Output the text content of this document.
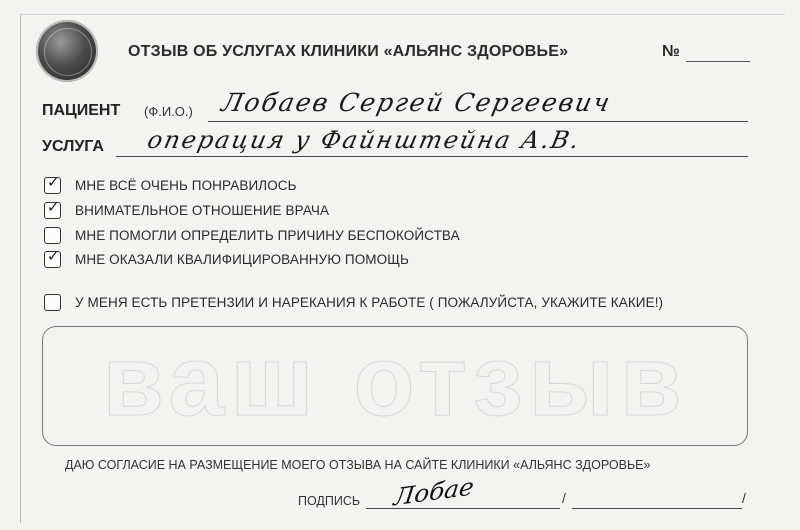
ОТЗЫВ ОБ УСЛУГАХ КЛИНИКИ «АЛЬЯНС ЗДОРОВЬЕ»	№
ПАЦИЕНТ (Ф.И.О.) Лобаев Сергей Сергеевич
УСЛУГА операция у Файнштейна А.В.
✓ МНЕ ВСЁ ОЧЕНЬ ПОНРАВИЛОСЬ
✓ ВНИМАТЕЛЬНОЕ ОТНОШЕНИЕ ВРАЧА
МНЕ ПОМОГЛИ ОПРЕДЕЛИТЬ ПРИЧИНУ БЕСПОКОЙСТВА
✓ МНЕ ОКАЗАЛИ КВАЛИФИЦИРОВАННУЮ ПОМОЩЬ
У МЕНЯ ЕСТЬ ПРЕТЕНЗИИ И НАРЕКАНИЯ К РАБОТЕ ( ПОЖАЛУЙСТА, УКАЖИТЕ КАКИЕ!)
ваш отзыв
ДАЮ СОГЛАСИЕ НА РАЗМЕЩЕНИЕ МОЕГО ОТЗЫВА НА САЙТЕ КЛИНИКИ «АЛЬЯНС ЗДОРОВЬЕ»
ПОДПИСЬ Лобае	/	/
